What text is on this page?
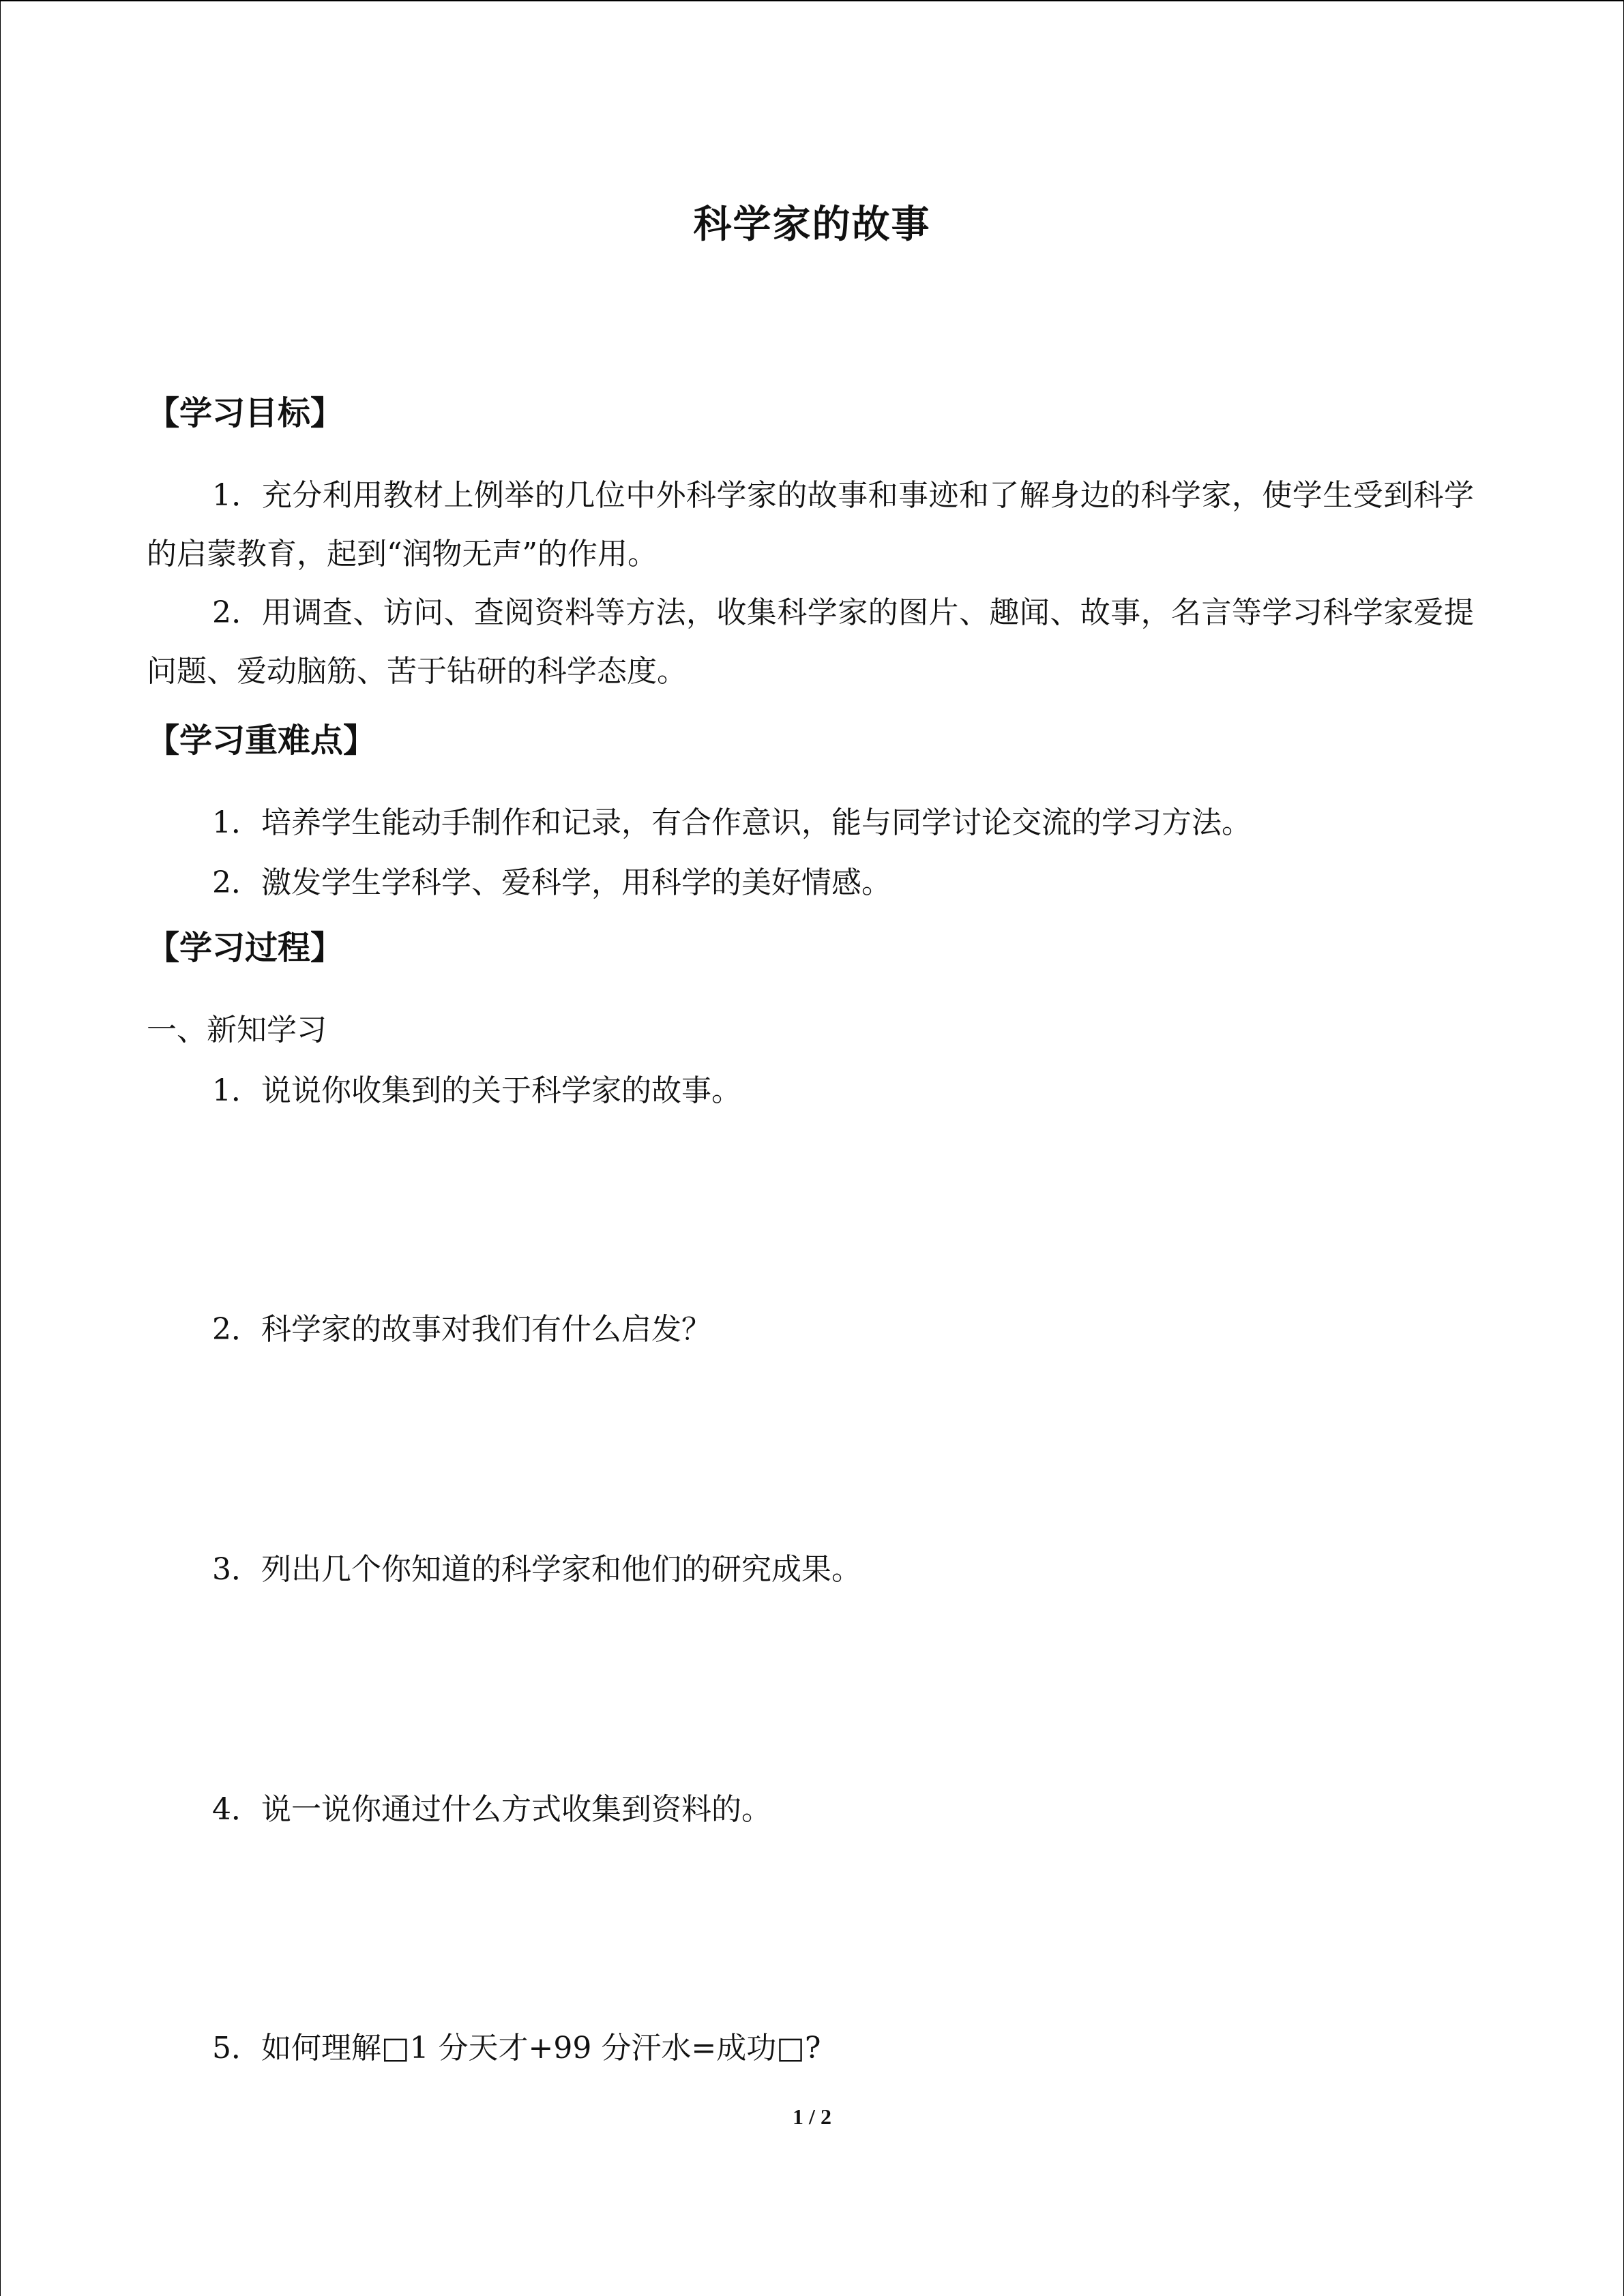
科学家的故事
【学习目标】
1．充分利用教材上例举的几位中外科学家的故事和事迹和了解身边的科学家，使学生受到科学的启蒙教育，起到“润物无声”的作用。
2．用调查、访问、查阅资料等方法，收集科学家的图片、趣闻、故事，名言等学习科学家爱提问题、爱动脑筋、苦于钻研的科学态度。
【学习重难点】
1．培养学生能动手制作和记录，有合作意识，能与同学讨论交流的学习方法。
2．激发学生学科学、爱科学，用科学的美好情感。
【学习过程】
一、新知学习
1．说说你收集到的关于科学家的故事。
2．科学家的故事对我们有什么启发？
3．列出几个你知道的科学家和他们的研究成果。
4．说一说你通过什么方式收集到资料的。
5．如何理解□1 分天才+99 分汗水=成功□?
1 / 2
